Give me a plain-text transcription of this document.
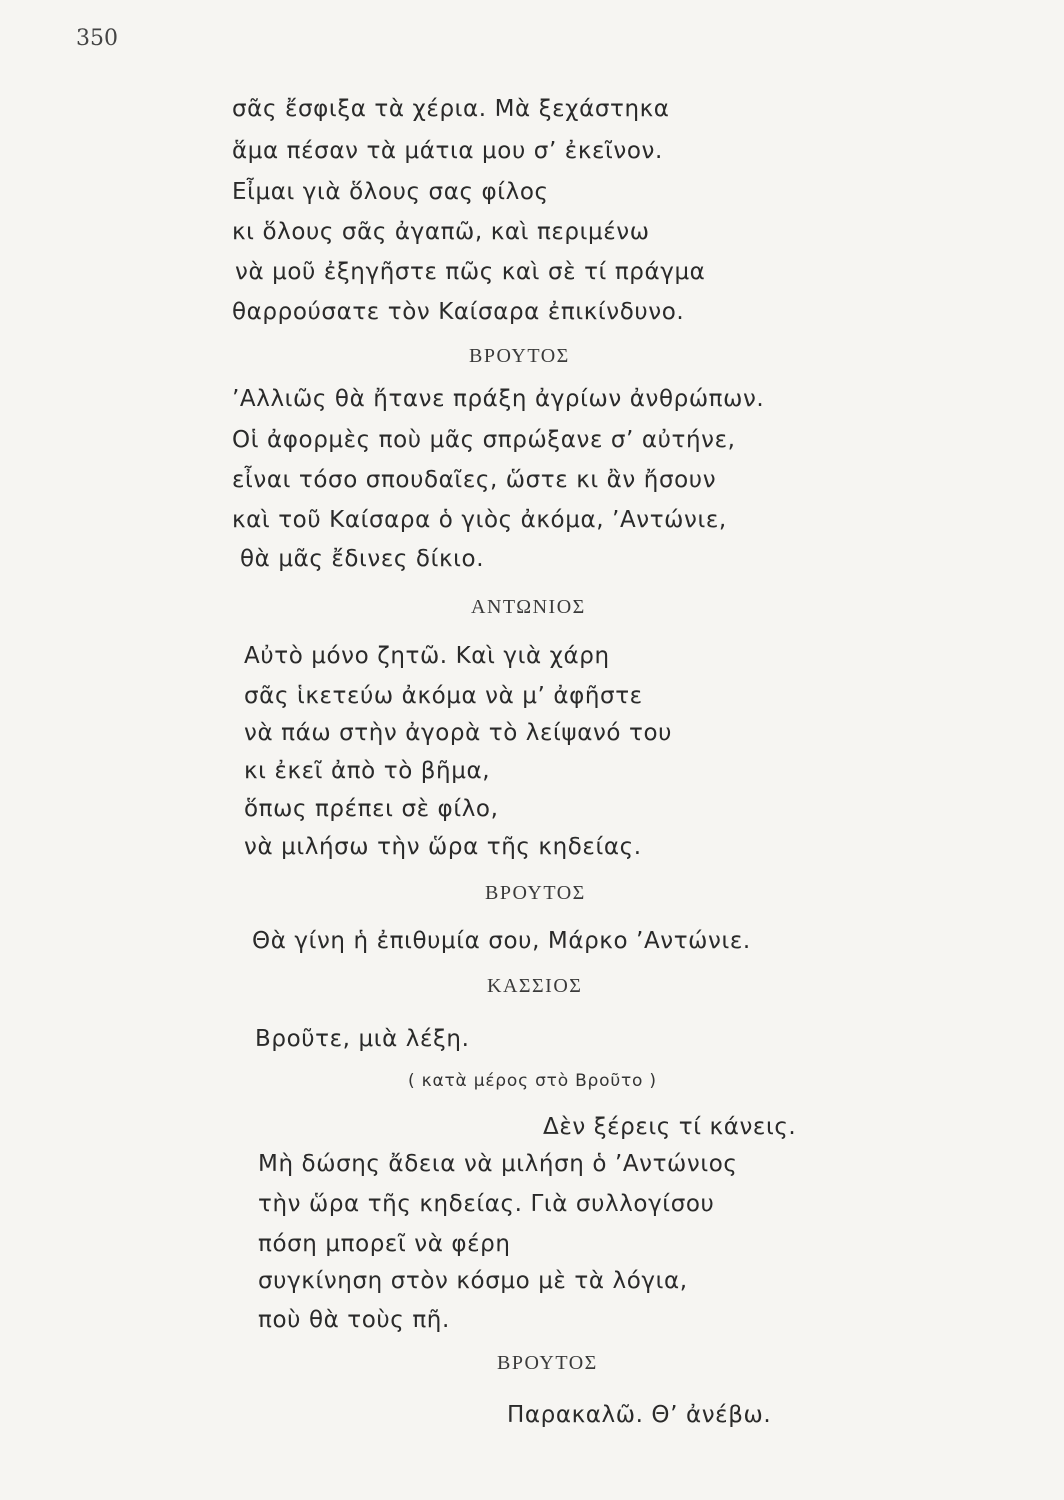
350
σᾶς ἔσφιξα τὰ χέρια. Μὰ ξεχάστηκα
ἅμα πέσαν τὰ μάτια μου σ’ ἐκεῖνον.
Εἶμαι γιὰ ὅλους σας φίλος
κι ὅλους σᾶς ἀγαπῶ, καὶ περιμένω
νὰ μοῦ ἐξηγῆστε πῶς καὶ σὲ τί πράγμα
θαρρούσατε τὸν Καίσαρα ἐπικίνδυνο.
ΒΡΟΥΤΟΣ
’Αλλιῶς θὰ ἤτανε πράξη ἀγρίων ἀνθρώπων.
Οἱ ἀφορμὲς ποὺ μᾶς σπρώξανε σ’ αὐτήνε,
εἶναι τόσο σπουδαῖες, ὥστε κι ἂν ἤσουν
καὶ τοῦ Καίσαρα ὁ γιὸς ἀκόμα, ’Αντώνιε,
θὰ μᾶς ἔδινες δίκιο.
ΑΝΤΩΝΙΟΣ
Αὐτὸ μόνο ζητῶ. Καὶ γιὰ χάρη
σᾶς ἱκετεύω ἀκόμα νὰ μ’ ἀφῆστε
νὰ πάω στὴν ἀγορὰ τὸ λείψανό του
κι ἐκεῖ ἀπὸ τὸ βῆμα,
ὅπως πρέπει σὲ φίλο,
νὰ μιλήσω τὴν ὥρα τῆς κηδείας.
ΒΡΟΥΤΟΣ
Θὰ γίνη ἡ ἐπιθυμία σου, Μάρκο ’Αντώνιε.
ΚΑΣΣΙΟΣ
Βροῦτε, μιὰ λέξη.
( κατὰ μέρος στὸ Βροῦτο )
Δὲν ξέρεις τί κάνεις.
Μὴ δώσης ἄδεια νὰ μιλήση ὁ ’Αντώνιος
τὴν ὥρα τῆς κηδείας. Γιὰ συλλογίσου
πόση μπορεῖ νὰ φέρη
συγκίνηση στὸν κόσμο μὲ τὰ λόγια,
ποὺ θὰ τοὺς πῆ.
ΒΡΟΥΤΟΣ
Παρακαλῶ. Θ’ ἀνέβω.
